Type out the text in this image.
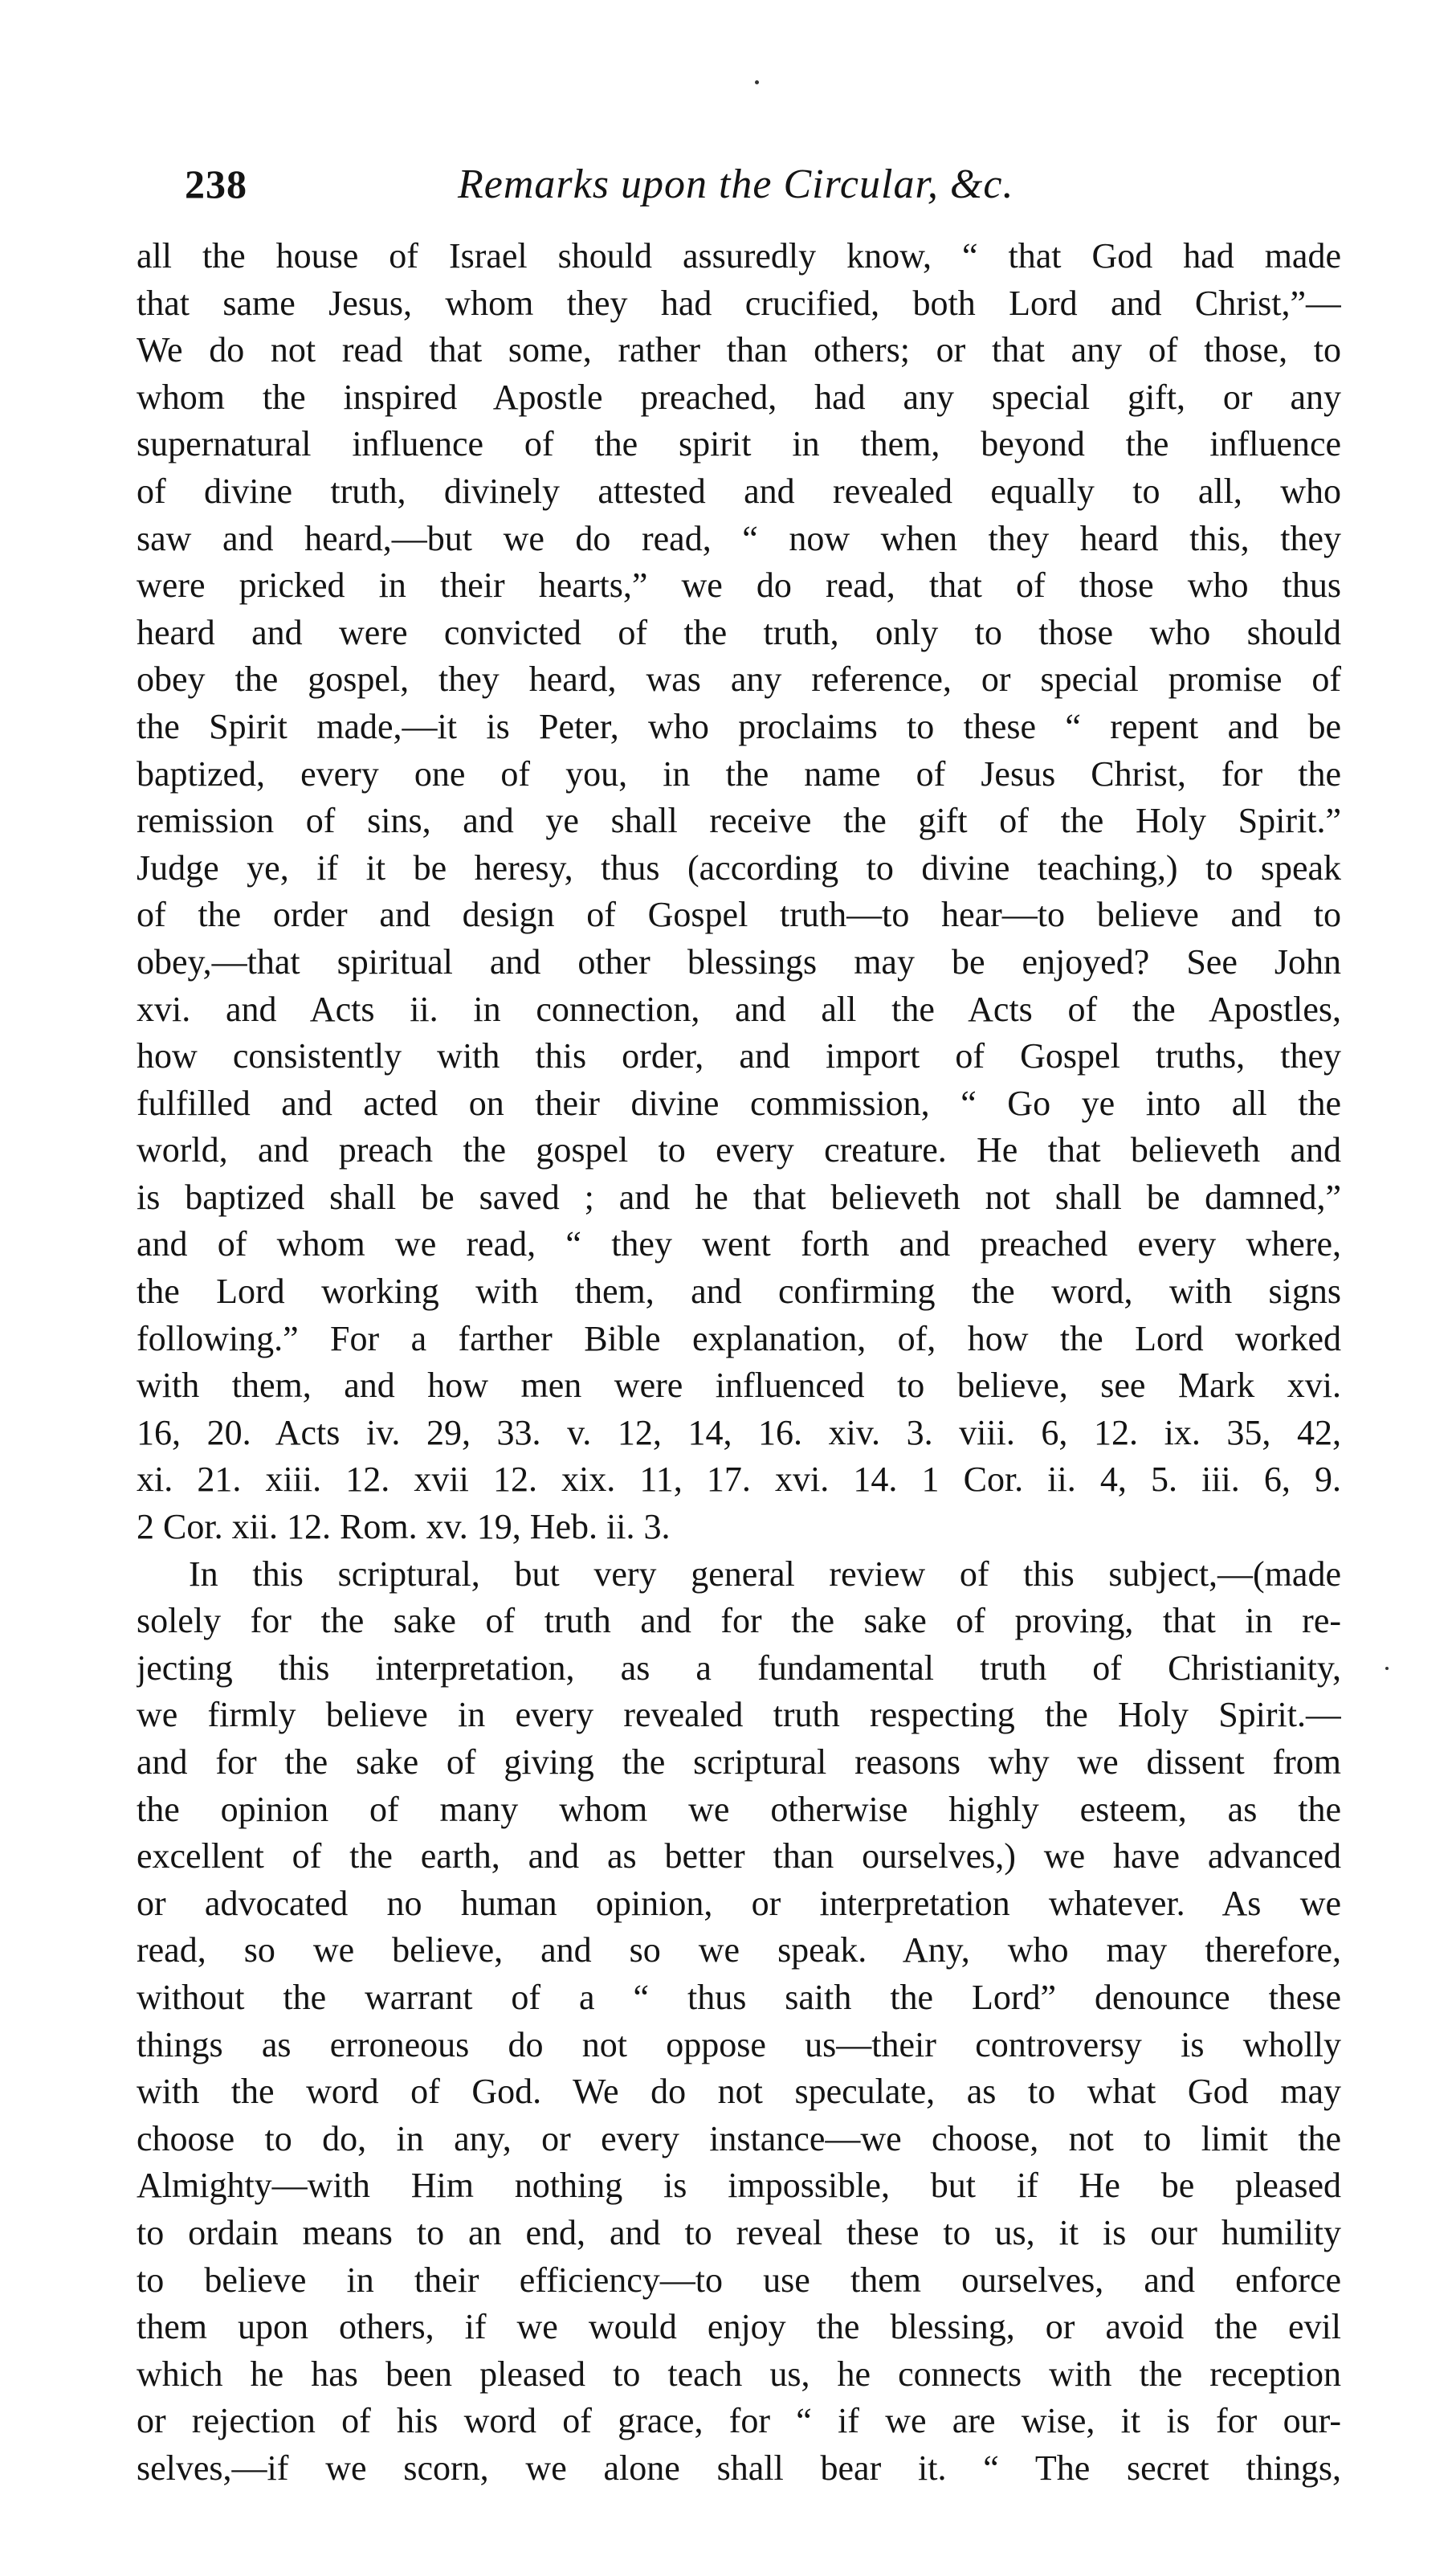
238	Remarks upon the Circular, &c.
all the house of Israel should assuredly know, “ that God had made
that same Jesus, whom they had crucified, both Lord and Christ,”—
We do not read that some, rather than others; or that any of those, to
whom the inspired Apostle preached, had any special gift, or any
supernatural influence of the spirit in them, beyond the influence
of divine truth, divinely attested and revealed equally to all, who
saw and heard,—but we do read, “ now when they heard this, they
were pricked in their hearts,” we do read, that of those who thus
heard and were convicted of the truth, only to those who should
obey the gospel, they heard, was any reference, or special promise of
the Spirit made,—it is Peter, who proclaims to these “ repent and be
baptized, every one of you, in the name of Jesus Christ, for the
remission of sins, and ye shall receive the gift of the Holy Spirit.”
Judge ye, if it be heresy, thus (according to divine teaching,) to speak
of the order and design of Gospel truth—to hear—to believe and to
obey,—that spiritual and other blessings may be enjoyed? See John
xvi. and Acts ii. in connection, and all the Acts of the Apostles,
how consistently with this order, and import of Gospel truths, they
fulfilled and acted on their divine commission, “ Go ye into all the
world, and preach the gospel to every creature. He that believeth and
is baptized shall be saved ; and he that believeth not shall be damned,”
and of whom we read, “ they went forth and preached every where,
the Lord working with them, and confirming the word, with signs
following.” For a farther Bible explanation, of, how the Lord worked
with them, and how men were influenced to believe, see Mark xvi.
16, 20. Acts iv. 29, 33. v. 12, 14, 16. xiv. 3. viii. 6, 12. ix. 35, 42,
xi. 21. xiii. 12. xvii 12. xix. 11, 17. xvi. 14. 1 Cor. ii. 4, 5. iii. 6, 9.
2 Cor. xii. 12. Rom. xv. 19, Heb. ii. 3.
In this scriptural, but very general review of this subject,—(made
solely for the sake of truth and for the sake of proving, that in re-
jecting this interpretation, as a fundamental truth of Christianity,
we firmly believe in every revealed truth respecting the Holy Spirit.—
and for the sake of giving the scriptural reasons why we dissent from
the opinion of many whom we otherwise highly esteem, as the
excellent of the earth, and as better than ourselves,) we have advanced
or advocated no human opinion, or interpretation whatever. As we
read, so we believe, and so we speak. Any, who may therefore,
without the warrant of a “ thus saith the Lord” denounce these
things as erroneous do not oppose us—their controversy is wholly
with the word of God. We do not speculate, as to what God may
choose to do, in any, or every instance—we choose, not to limit the
Almighty—with Him nothing is impossible, but if He be pleased
to ordain means to an end, and to reveal these to us, it is our humility
to believe in their efficiency—to use them ourselves, and enforce
them upon others, if we would enjoy the blessing, or avoid the evil
which he has been pleased to teach us, he connects with the reception
or rejection of his word of grace, for “ if we are wise, it is for our-
selves,—if we scorn, we alone shall bear it. “ The secret things,
